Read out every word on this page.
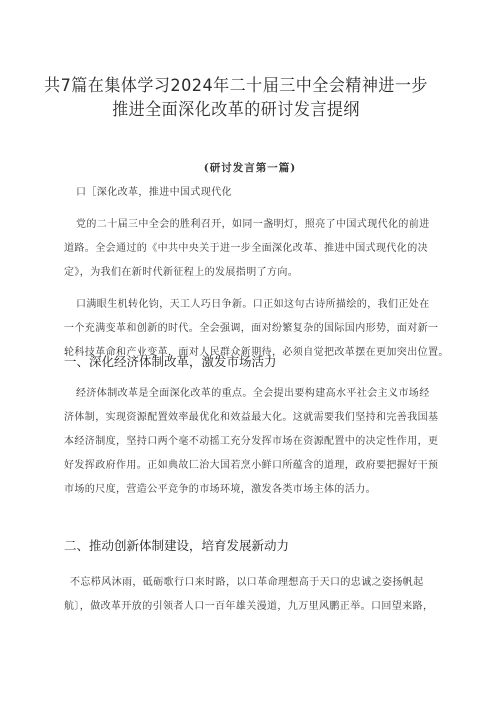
共7篇在集体学习2024年二十届三中全会精神进一步
推进全面深化改革的研讨发言提纲
(研讨发言第一篇)
口［深化改革，推进中国式现代化
党的二十届三中全会的胜利召开，如同一盏明灯，照亮了中国式现代化的前进
道路。全会通过的《中共中央关于进一步全面深化改革、推进中国式现代化的决
定》，为我们在新时代新征程上的发展指明了方向。
口满眼生机转化钧，天工人巧日争新。口正如这句古诗所描绘的，我们正处在
一个充满变革和创新的时代。全会强调，面对纷繁复杂的国际国内形势，面对新一
轮科技革命和产业变革，面对人民群众新期待，必须自觉把改革摆在更加突出位置。
一、深化经济体制改革，激发市场活力
经济体制改革是全面深化改革的重点。全会提出要构建高水平社会主义市场经
济体制，实现资源配置效率最优化和效益最大化。这就需要我们坚持和完善我国基
本经济制度，坚持口两个毫不动摇工充分发挥市场在资源配置中的决定性作用，更
好发挥政府作用。正如典故匚治大国若烹小鲜口所蕴含的道理，政府要把握好干预
市场的尺度，营造公平竞争的市场环境，激发各类市场主体的活力。
二、推动创新体制建设，培育发展新动力
不忘栉风沐雨，砥砺歌行口来时路，以口革命理想高于天口的忠诚之姿扬帆起
航〕，做改革开放的引领者人口一百年雄关漫道，九万里风鹏正举。口回望来路，
